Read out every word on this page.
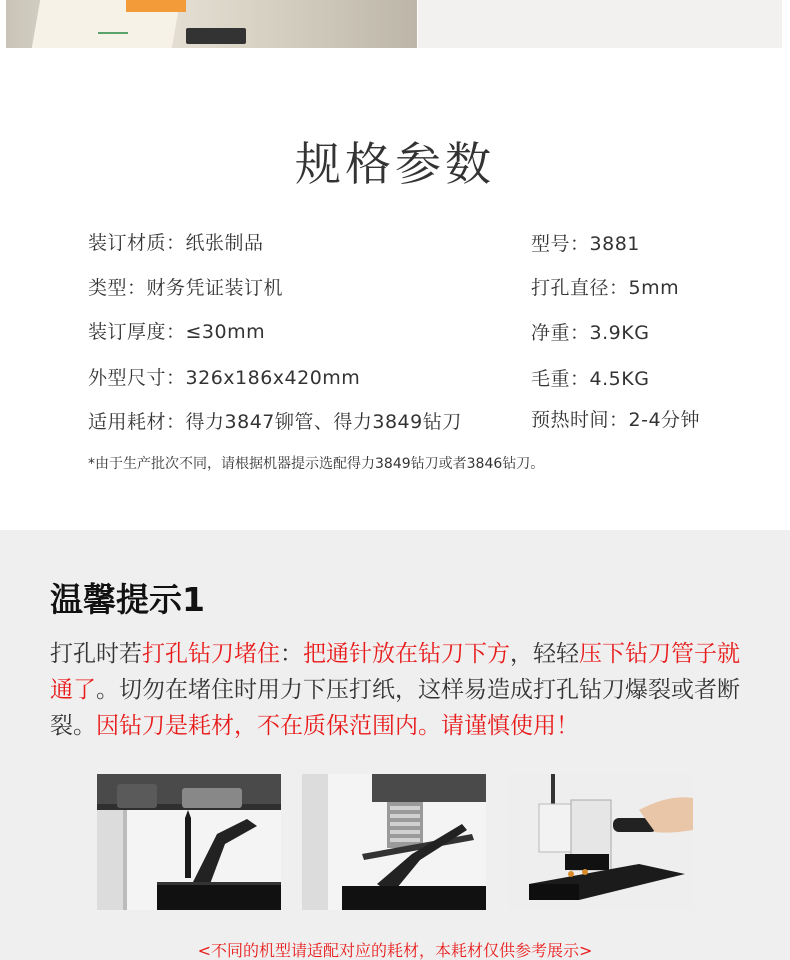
规格参数
装订材质：纸张制品
类型：财务凭证装订机
装订厚度：≤30mm
外型尺寸：326x186x420mm
适用耗材：得力3847铆管、得力3849钻刀
型号：3881
打孔直径：5mm
净重：3.9KG
毛重：4.5KG
预热时间：2-4分钟
*由于生产批次不同，请根据机器提示选配得力3849钻刀或者3846钻刀。
温馨提示1
打孔时若打孔钻刀堵住：把通针放在钻刀下方，轻轻压下钻刀管子就通了。切勿在堵住时用力下压打纸，这样易造成打孔钻刀爆裂或者断裂。因钻刀是耗材，不在质保范围内。请谨慎使用！
<不同的机型请适配对应的耗材，本耗材仅供参考展示>
